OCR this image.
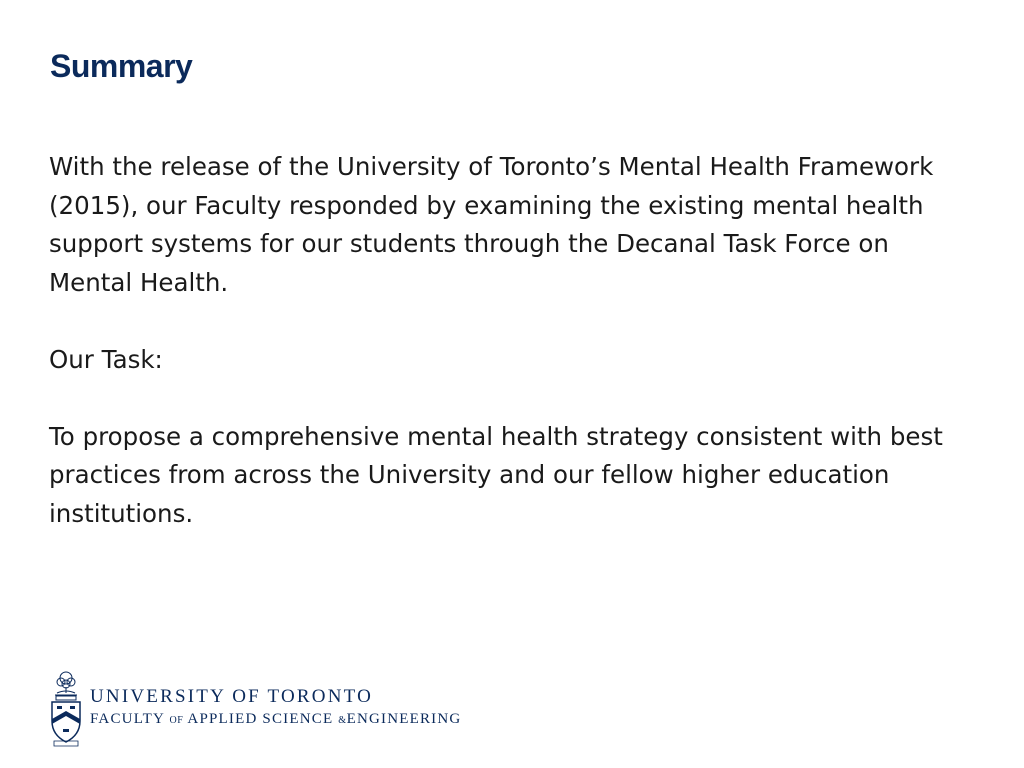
Summary

With the release of the University of Toronto’s Mental Health Framework (2015), our Faculty responded by examining the existing mental health support systems for our students through the Decanal Task Force on Mental Health.

Our Task:

To propose a comprehensive mental health strategy consistent with best practices from across the University and our fellow higher education institutions.

UNIVERSITY OF TORONTO
FACULTY OF APPLIED SCIENCE &ENGINEERING
